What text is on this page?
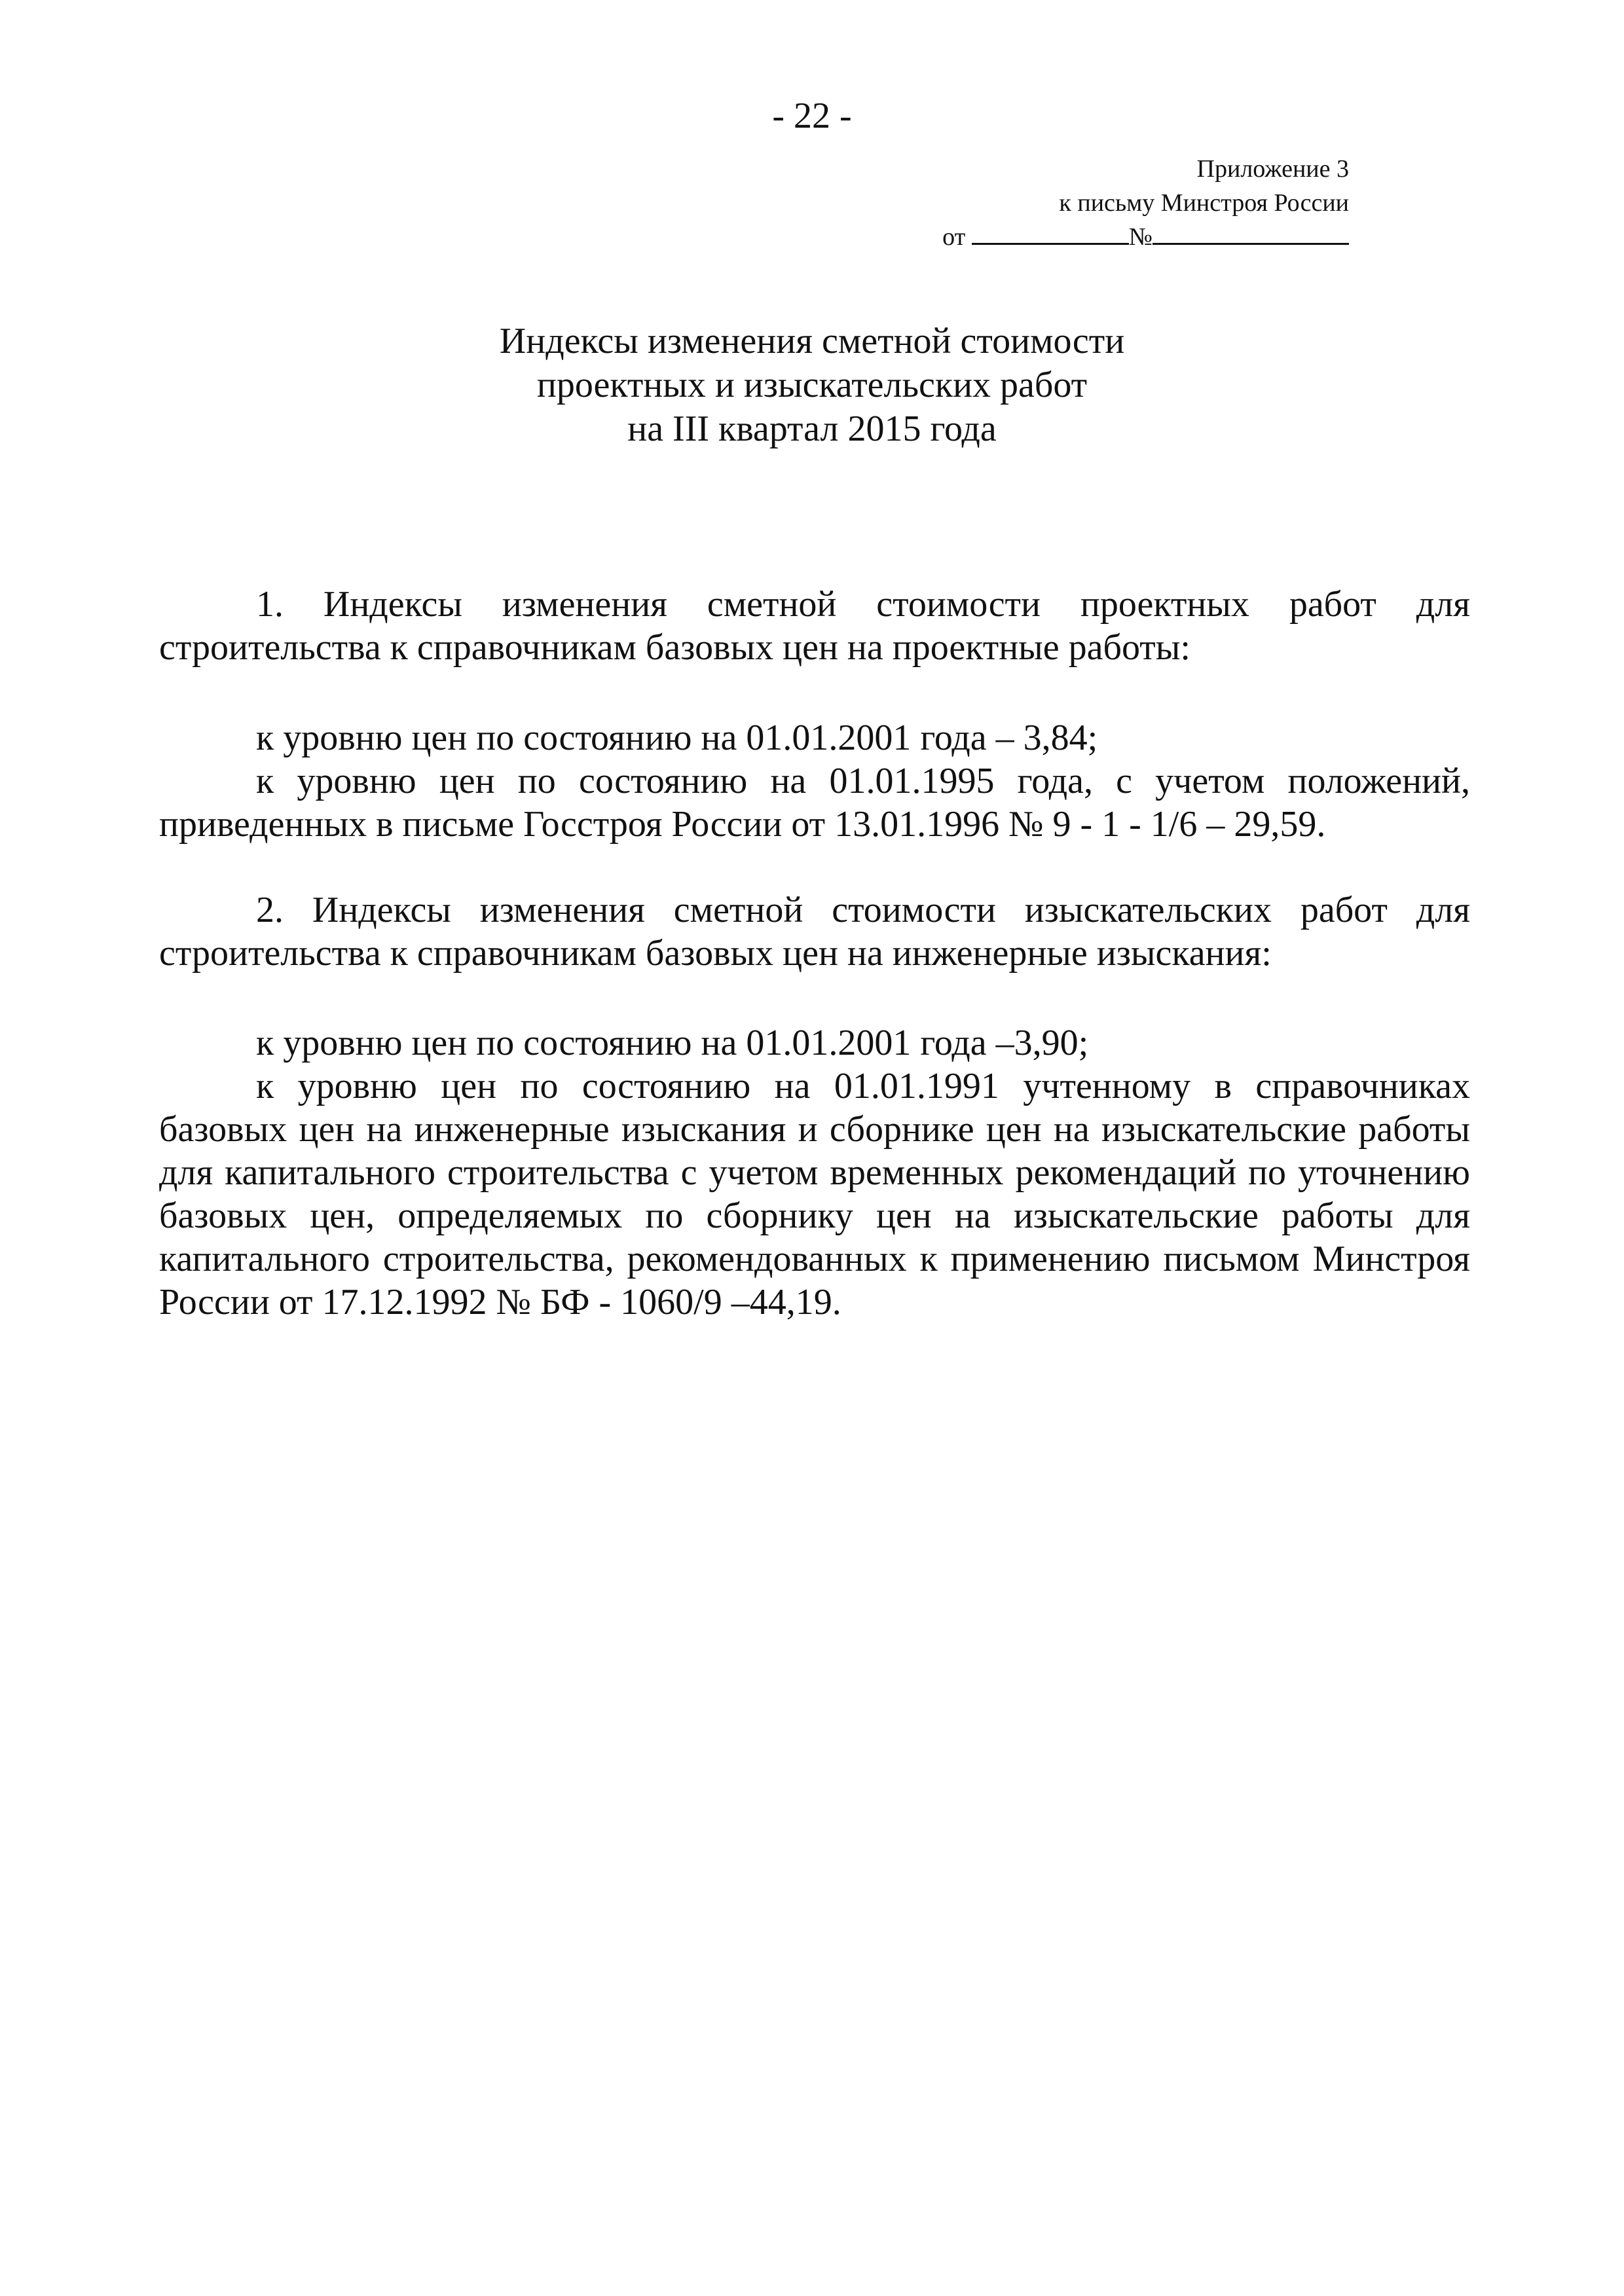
- 22 -
Приложение 3
к письму Минстроя России
от	№
Индексы изменения сметной стоимости
проектных и изыскательских работ
на III квартал 2015 года

1. Индексы изменения сметной стоимости проектных работ для строительства к справочникам базовых цен на проектные работы:

к уровню цен по состоянию на 01.01.2001 года – 3,84;

к уровню цен по состоянию на 01.01.1995 года, с учетом положений, приведенных в письме Госстроя России от 13.01.1996 № 9 - 1 - 1/6 – 29,59.

2. Индексы изменения сметной стоимости изыскательских работ для строительства к справочникам базовых цен на инженерные изыскания:

к уровню цен по состоянию на 01.01.2001 года –3,90;

к уровню цен по состоянию на 01.01.1991 учтенному в справочниках базовых цен на инженерные изыскания и сборнике цен на изыскательские работы для капитального строительства с учетом временных рекомендаций по уточнению базовых цен, определяемых по сборнику цен на изыскательские работы для капитального строительства, рекомендованных к применению письмом Минстроя России от 17.12.1992 № БФ - 1060/9 –44,19.
